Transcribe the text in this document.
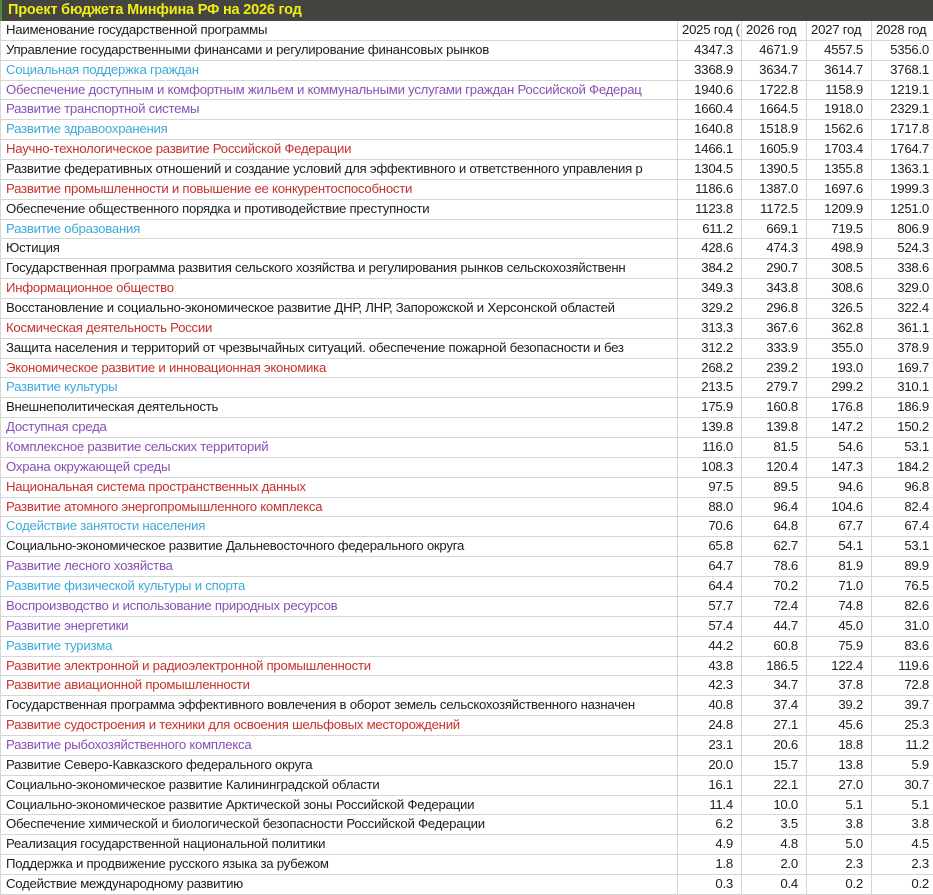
Проект бюджета Минфина РФ на 2026 год
Наименование государственной программы	2025 год ( 2026 год	2027 год	2028 год
Управление государственными финансами и регулирование финансовых рынков	4347.3	4671.9	4557.5	5356.0
Социальная поддержка граждан	3368.9	3634.7	3614.7	3768.1
Обеспечение доступным и комфортным жильем и коммунальными услугами граждан Российской Федерац	1940.6	1722.8	1158.9	1219.1
Развитие транспортной системы	1660.4	1664.5	1918.0	2329.1
Развитие здравоохранения	1640.8	1518.9	1562.6	1717.8
Научно-технологическое развитие Российской Федерации	1466.1	1605.9	1703.4	1764.7
Развитие федеративных отношений и создание условий для эффективного и ответственного управления р	1304.5	1390.5	1355.8	1363.1
Развитие промышленности и повышение ее конкурентоспособности	1186.6	1387.0	1697.6	1999.3
Обеспечение общественного порядка и противодействие преступности	1123.8	1172.5	1209.9	1251.0
Развитие образования	611.2	669.1	719.5	806.9
Юстиция	428.6	474.3	498.9	524.3
Государственная программа развития сельского хозяйства и регулирования рынков сельскохозяйственн	384.2	290.7	308.5	338.6
Информационное общество	349.3	343.8	308.6	329.0
Восстановление и социально-экономическое развитие ДНР, ЛНР, Запорожской и Херсонской областей	329.2	296.8	326.5	322.4
Космическая деятельность России	313.3	367.6	362.8	361.1
Защита населения и территорий от чрезвычайных ситуаций. обеспечение пожарной безопасности и без	312.2	333.9	355.0	378.9
Экономическое развитие и инновационная экономика	268.2	239.2	193.0	169.7
Развитие культуры	213.5	279.7	299.2	310.1
Внешнеполитическая деятельность	175.9	160.8	176.8	186.9
Доступная среда	139.8	139.8	147.2	150.2
Комплексное развитие сельских территорий	116.0	81.5	54.6	53.1
Охрана окружающей среды	108.3	120.4	147.3	184.2
Национальная система пространственных данных	97.5	89.5	94.6	96.8
Развитие атомного энергопромышленного комплекса	88.0	96.4	104.6	82.4
Содействие занятости населения	70.6	64.8	67.7	67.4
Социально-экономическое развитие Дальневосточного федерального округа	65.8	62.7	54.1	53.1
Развитие лесного хозяйства	64.7	78.6	81.9	89.9
Развитие физической культуры и спорта	64.4	70.2	71.0	76.5
Воспроизводство и использование природных ресурсов	57.7	72.4	74.8	82.6
Развитие энергетики	57.4	44.7	45.0	31.0
Развитие туризма	44.2	60.8	75.9	83.6
Развитие электронной и радиоэлектронной промышленности	43.8	186.5	122.4	119.6
Развитие авиационной промышленности	42.3	34.7	37.8	72.8
Государственная программа эффективного вовлечения в оборот земель сельскохозяйственного назначен	40.8	37.4	39.2	39.7
Развитие судостроения и техники для освоения шельфовых месторождений	24.8	27.1	45.6	25.3
Развитие рыбохозяйственного комплекса	23.1	20.6	18.8	11.2
Развитие Северо-Кавказского федерального округа	20.0	15.7	13.8	5.9
Социально-экономическое развитие Калининградской области	16.1	22.1	27.0	30.7
Социально-экономическое развитие Арктической зоны Российской Федерации	11.4	10.0	5.1	5.1
Обеспечение химической и биологической безопасности Российской Федерации	6.2	3.5	3.8	3.8
Реализация государственной национальной политики	4.9	4.8	5.0	4.5
Поддержка и продвижение русского языка за рубежом	1.8	2.0	2.3	2.3
Содействие международному развитию	0.3	0.4	0.2	0.2
